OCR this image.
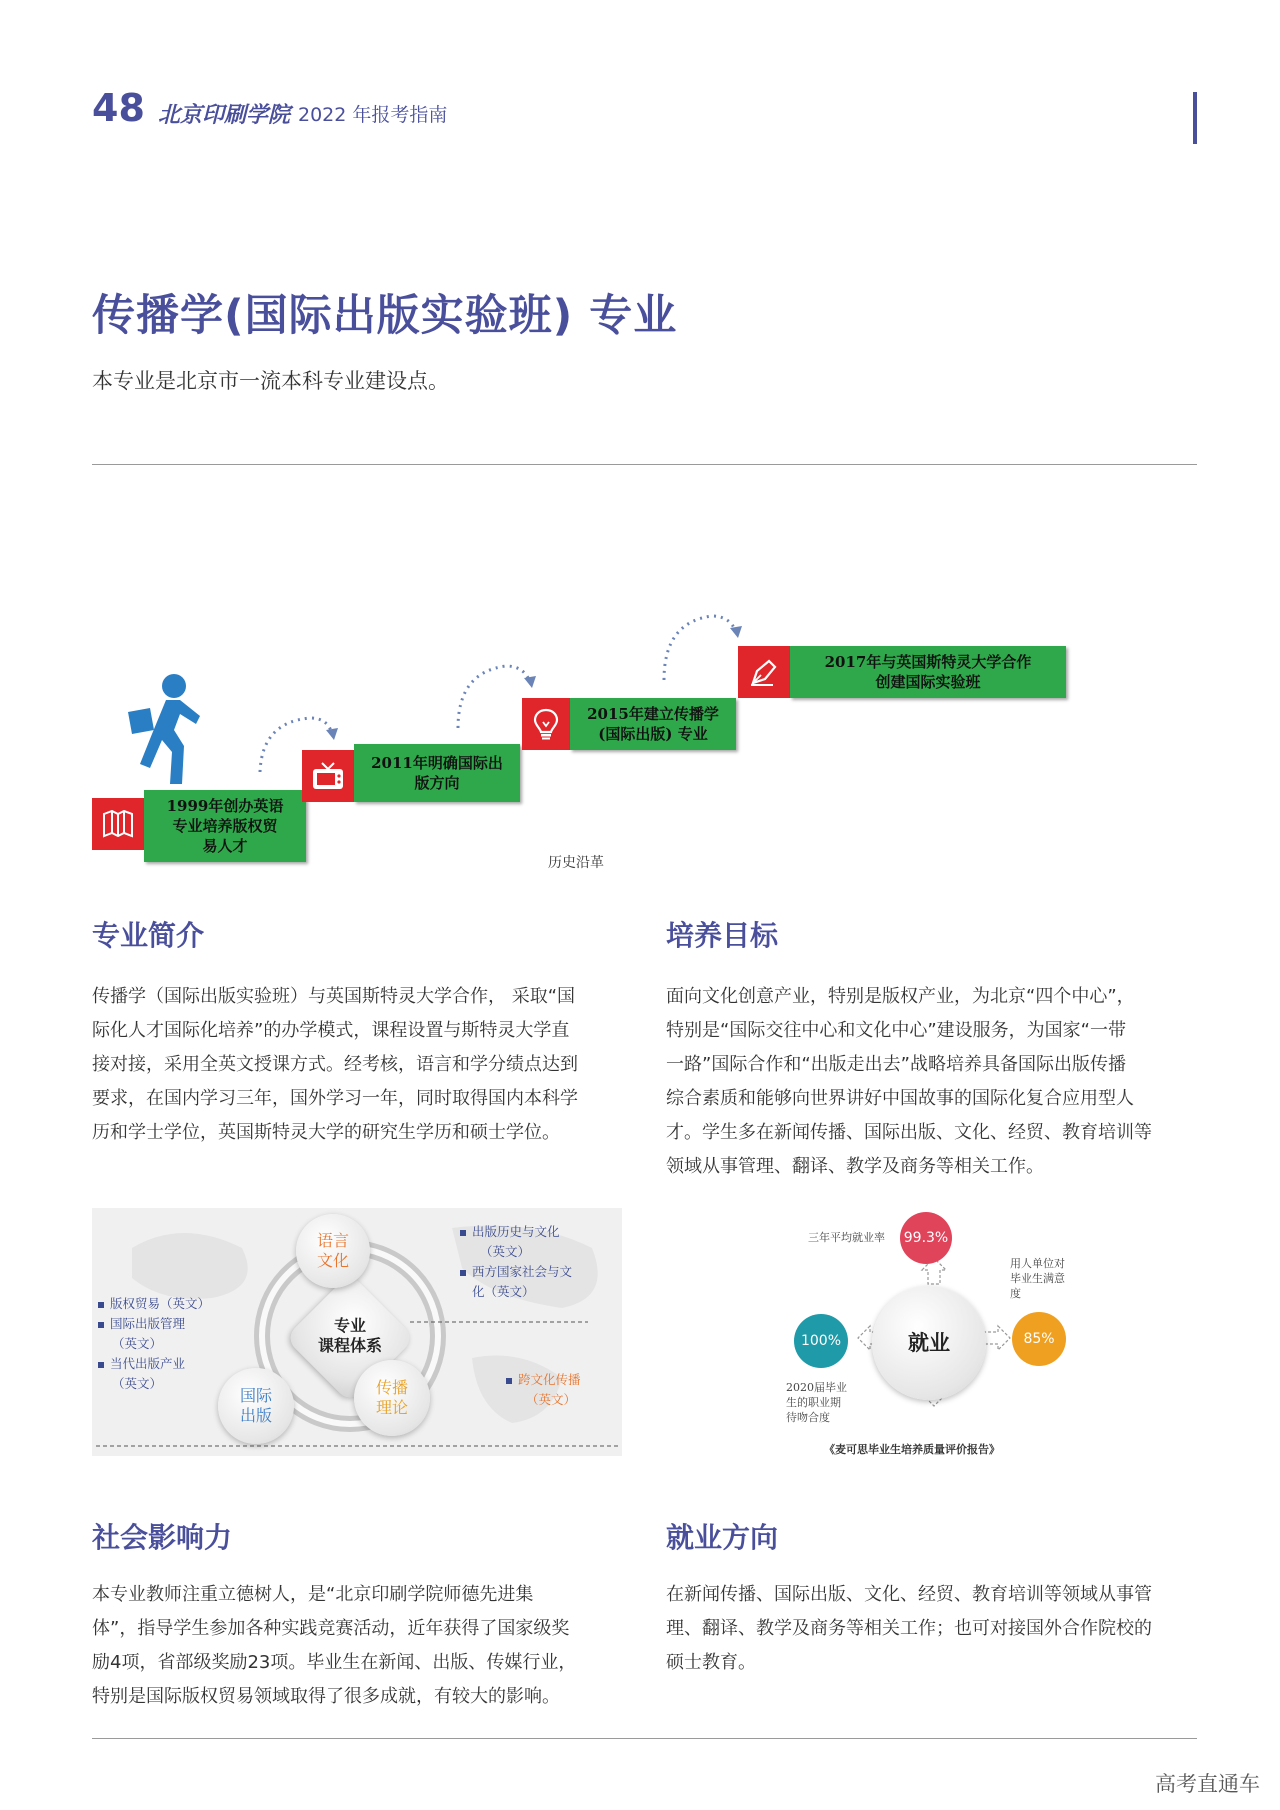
48 北京印刷学院 2022 年报考指南
传播学(国际出版实验班) 专业
本专业是北京市一流本科专业建设点。
1999年创办英语
专业培养版权贸
易人才
2011年明确国际出
版方向
2015年建立传播学
(国际出版) 专业
2017年与英国斯特灵大学合作
创建国际实验班
历史沿革
专业简介
传播学（国际出版实验班）与英国斯特灵大学合作， 采取“国
际化人才国际化培养”的办学模式，课程设置与斯特灵大学直
接对接，采用全英文授课方式。经考核，语言和学分绩点达到
要求，在国内学习三年，国外学习一年，同时取得国内本科学
历和学士学位，英国斯特灵大学的研究生学历和硕士学位。
培养目标
面向文化创意产业，特别是版权产业，为北京“四个中心”，
特别是“国际交往中心和文化中心”建设服务，为国家“一带
一路”国际合作和“出版走出去”战略培养具备国际出版传播
综合素质和能够向世界讲好中国故事的国际化复合应用型人
才。学生多在新闻传播、国际出版、文化、经贸、教育培训等
领域从事管理、翻译、教学及商务等相关工作。
专业
课程体系
语言
文化
国际
出版
传播
理论
出版历史与文化
（英文）
西方国家社会与文
化（英文）
版权贸易（英文）
国际出版管理
（英文）
当代出版产业
（英文）	跨文化传播
（英文）
就业
99.3%
三年平均就业率
85%
用人单位对
毕业生满意
度
100%
2020届毕业
生的职业期
待吻合度
《麦可思毕业生培养质量评价报告》
社会影响力
本专业教师注重立德树人，是“北京印刷学院师德先进集
体”，指导学生参加各种实践竞赛活动，近年获得了国家级奖
励4项，省部级奖励23项。毕业生在新闻、出版、传媒行业，
特别是国际版权贸易领域取得了很多成就，有较大的影响。
就业方向
在新闻传播、国际出版、文化、经贸、教育培训等领域从事管
理、翻译、教学及商务等相关工作；也可对接国外合作院校的
硕士教育。
高考直通车
